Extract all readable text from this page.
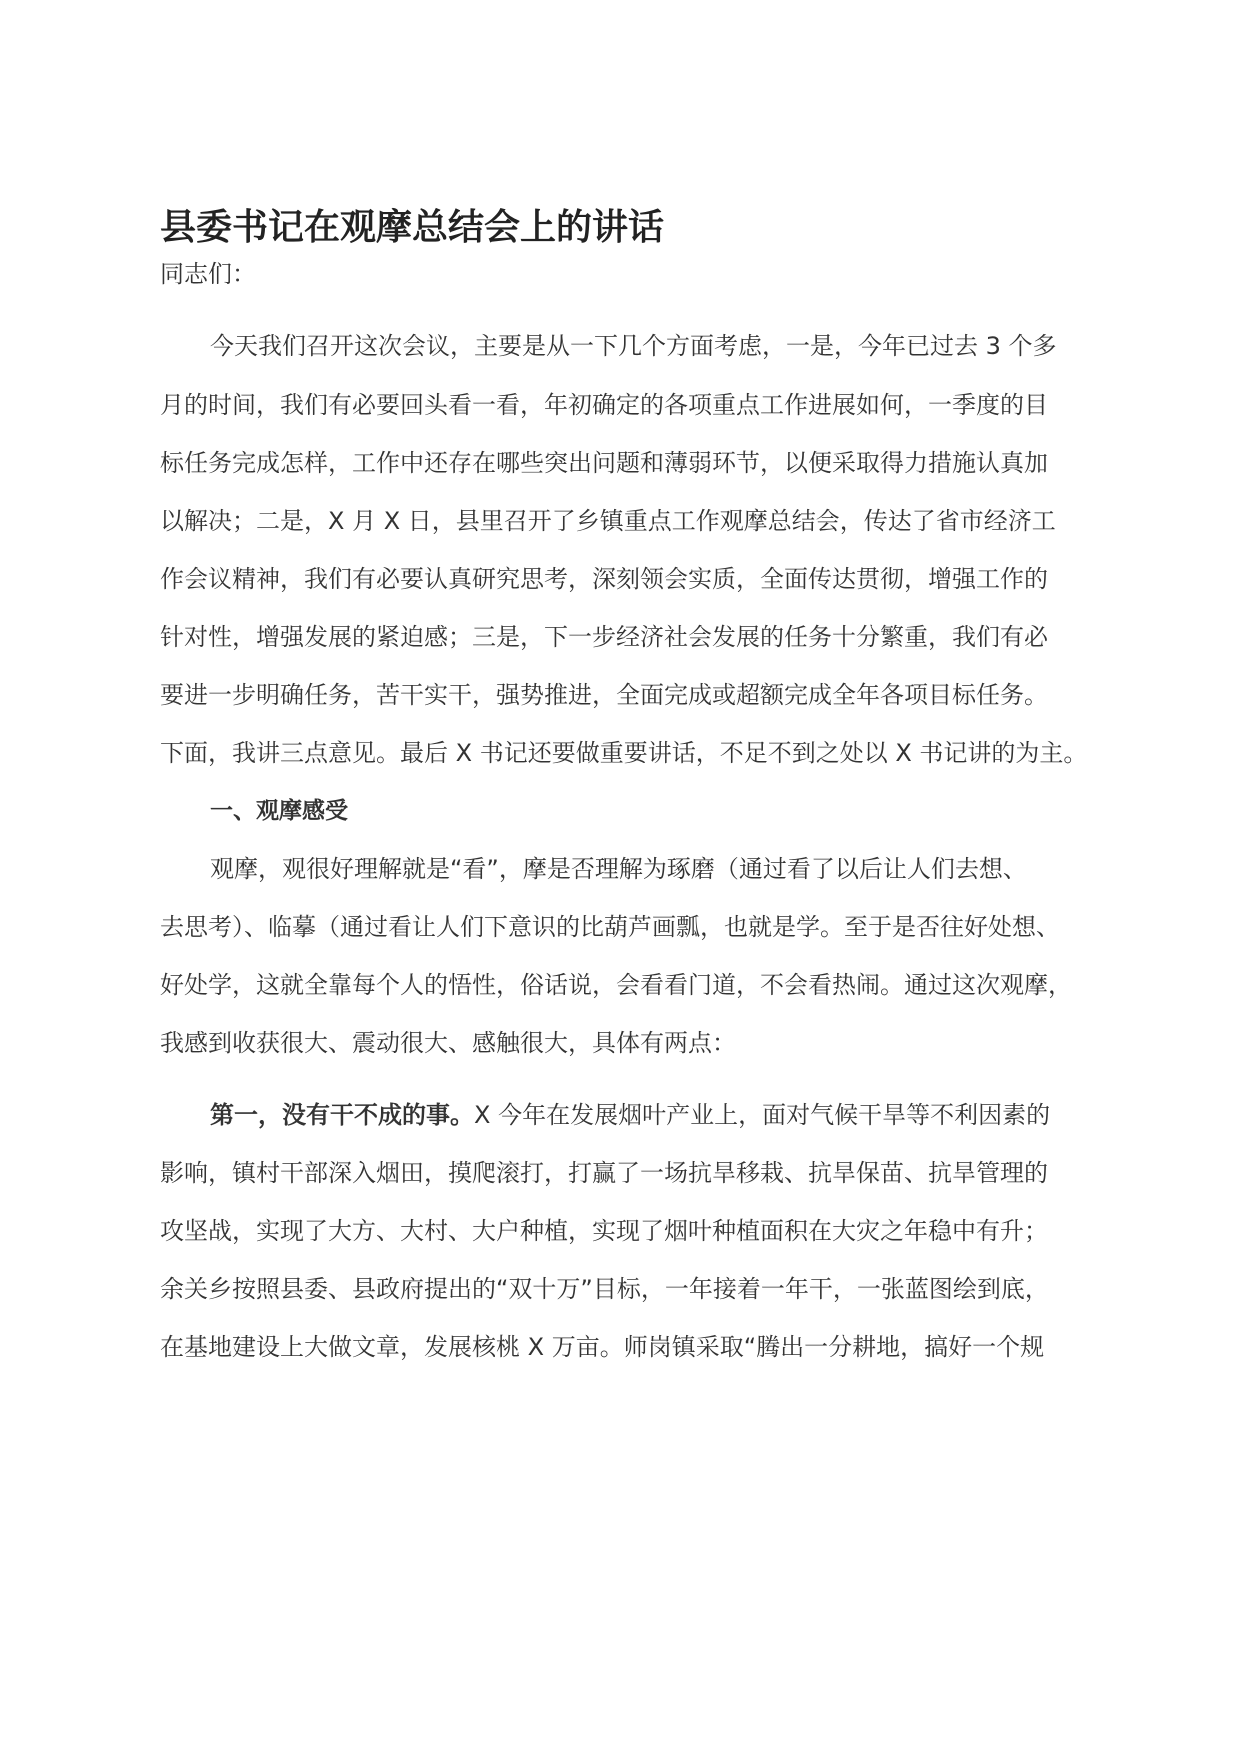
县委书记在观摩总结会上的讲话

同志们：

今天我们召开这次会议，主要是从一下几个方面考虑，一是，今年已过去 3 个多

月的时间，我们有必要回头看一看，年初确定的各项重点工作进展如何，一季度的目

标任务完成怎样，工作中还存在哪些突出问题和薄弱环节，以便采取得力措施认真加

以解决；二是，X 月 X 日，县里召开了乡镇重点工作观摩总结会，传达了省市经济工

作会议精神，我们有必要认真研究思考，深刻领会实质，全面传达贯彻，增强工作的

针对性，增强发展的紧迫感；三是，下一步经济社会发展的任务十分繁重，我们有必

要进一步明确任务，苦干实干，强势推进，全面完成或超额完成全年各项目标任务。

下面，我讲三点意见。最后 X 书记还要做重要讲话，不足不到之处以 X 书记讲的为主。

一、观摩感受

观摩，观很好理解就是“看”，摩是否理解为琢磨（通过看了以后让人们去想、

去思考）、临摹（通过看让人们下意识的比葫芦画瓢，也就是学。至于是否往好处想、

好处学，这就全靠每个人的悟性，俗话说，会看看门道，不会看热闹。通过这次观摩，

我感到收获很大、震动很大、感触很大，具体有两点：

第一，没有干不成的事。X 今年在发展烟叶产业上，面对气候干旱等不利因素的

影响，镇村干部深入烟田，摸爬滚打，打赢了一场抗旱移栽、抗旱保苗、抗旱管理的

攻坚战，实现了大方、大村、大户种植，实现了烟叶种植面积在大灾之年稳中有升；

余关乡按照县委、县政府提出的“双十万”目标，一年接着一年干，一张蓝图绘到底，

在基地建设上大做文章，发展核桃 X 万亩。师岗镇采取“腾出一分耕地，搞好一个规
